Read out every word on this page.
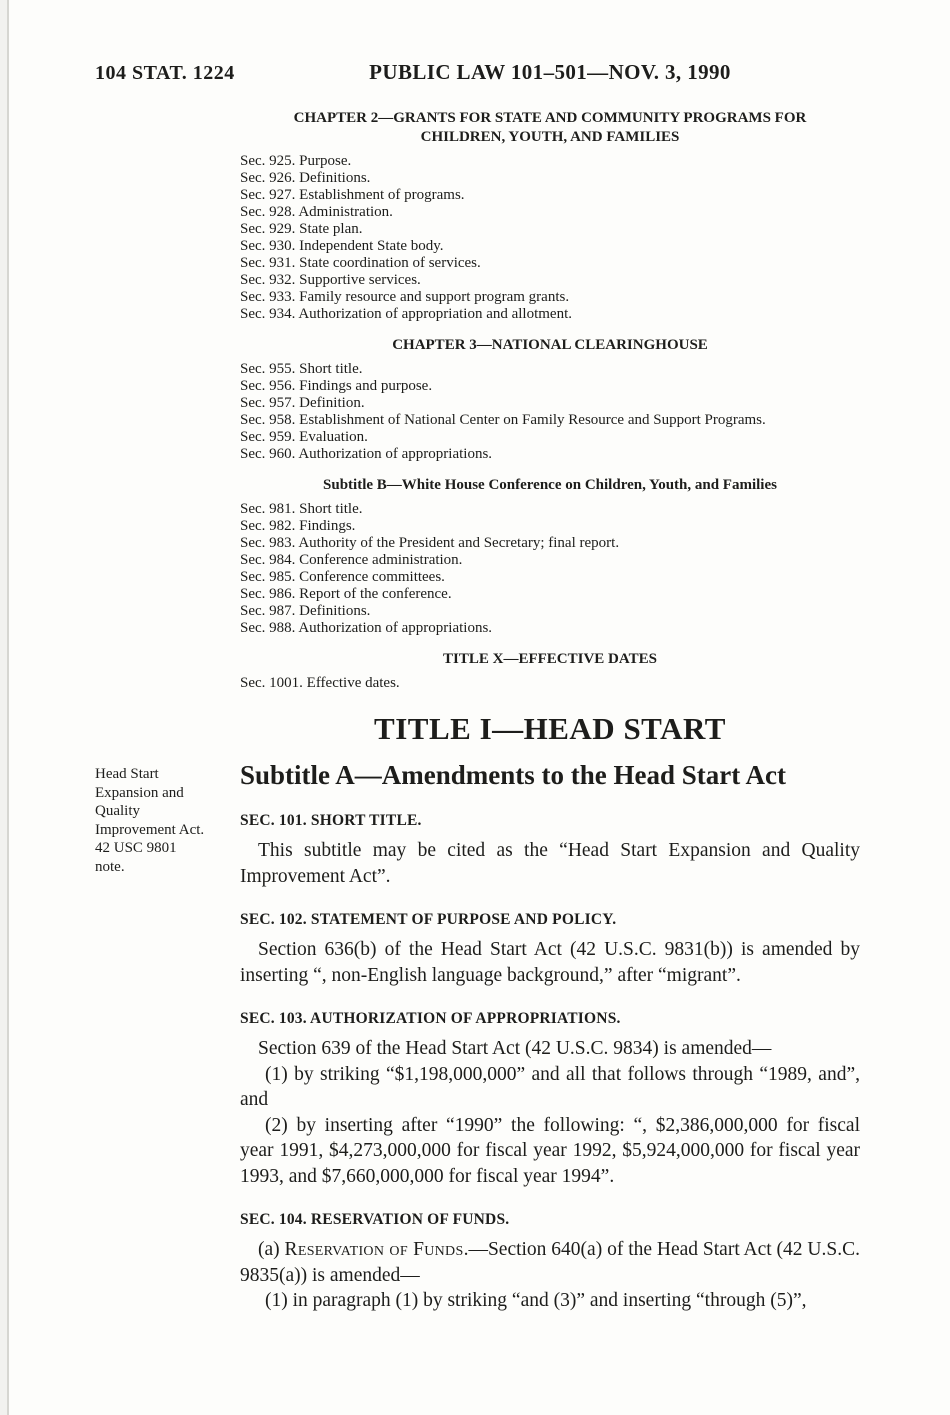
104 STAT. 1224	PUBLIC LAW 101–501—NOV. 3, 1990
CHAPTER 2—GRANTS FOR STATE AND COMMUNITY PROGRAMS FOR CHILDREN, YOUTH, AND FAMILIES
Sec. 925. Purpose.
Sec. 926. Definitions.
Sec. 927. Establishment of programs.
Sec. 928. Administration.
Sec. 929. State plan.
Sec. 930. Independent State body.
Sec. 931. State coordination of services.
Sec. 932. Supportive services.
Sec. 933. Family resource and support program grants.
Sec. 934. Authorization of appropriation and allotment.
CHAPTER 3—NATIONAL CLEARINGHOUSE
Sec. 955. Short title.
Sec. 956. Findings and purpose.
Sec. 957. Definition.
Sec. 958. Establishment of National Center on Family Resource and Support Programs.
Sec. 959. Evaluation.
Sec. 960. Authorization of appropriations.
Subtitle B—White House Conference on Children, Youth, and Families
Sec. 981. Short title.
Sec. 982. Findings.
Sec. 983. Authority of the President and Secretary; final report.
Sec. 984. Conference administration.
Sec. 985. Conference committees.
Sec. 986. Report of the conference.
Sec. 987. Definitions.
Sec. 988. Authorization of appropriations.
TITLE X—EFFECTIVE DATES
Sec. 1001. Effective dates.
TITLE I—HEAD START
Head Start Expansion and Quality Improvement Act.
42 USC 9801 note.
Subtitle A—Amendments to the Head Start Act
SEC. 101. SHORT TITLE.

This subtitle may be cited as the “Head Start Expansion and Quality Improvement Act”.

SEC. 102. STATEMENT OF PURPOSE AND POLICY.

Section 636(b) of the Head Start Act (42 U.S.C. 9831(b)) is amended by inserting “, non-English language background,” after “migrant”.

SEC. 103. AUTHORIZATION OF APPROPRIATIONS.

Section 639 of the Head Start Act (42 U.S.C. 9834) is amended—

(1) by striking “$1,198,000,000” and all that follows through “1989, and”, and

(2) by inserting after “1990” the following: “, $2,386,000,000 for fiscal year 1991, $4,273,000,000 for fiscal year 1992, $5,924,000,000 for fiscal year 1993, and $7,660,000,000 for fiscal year 1994”.

SEC. 104. RESERVATION OF FUNDS.

(a) Reservation of Funds.—Section 640(a) of the Head Start Act (42 U.S.C. 9835(a)) is amended—

(1) in paragraph (1) by striking “and (3)” and inserting “through (5)”,
